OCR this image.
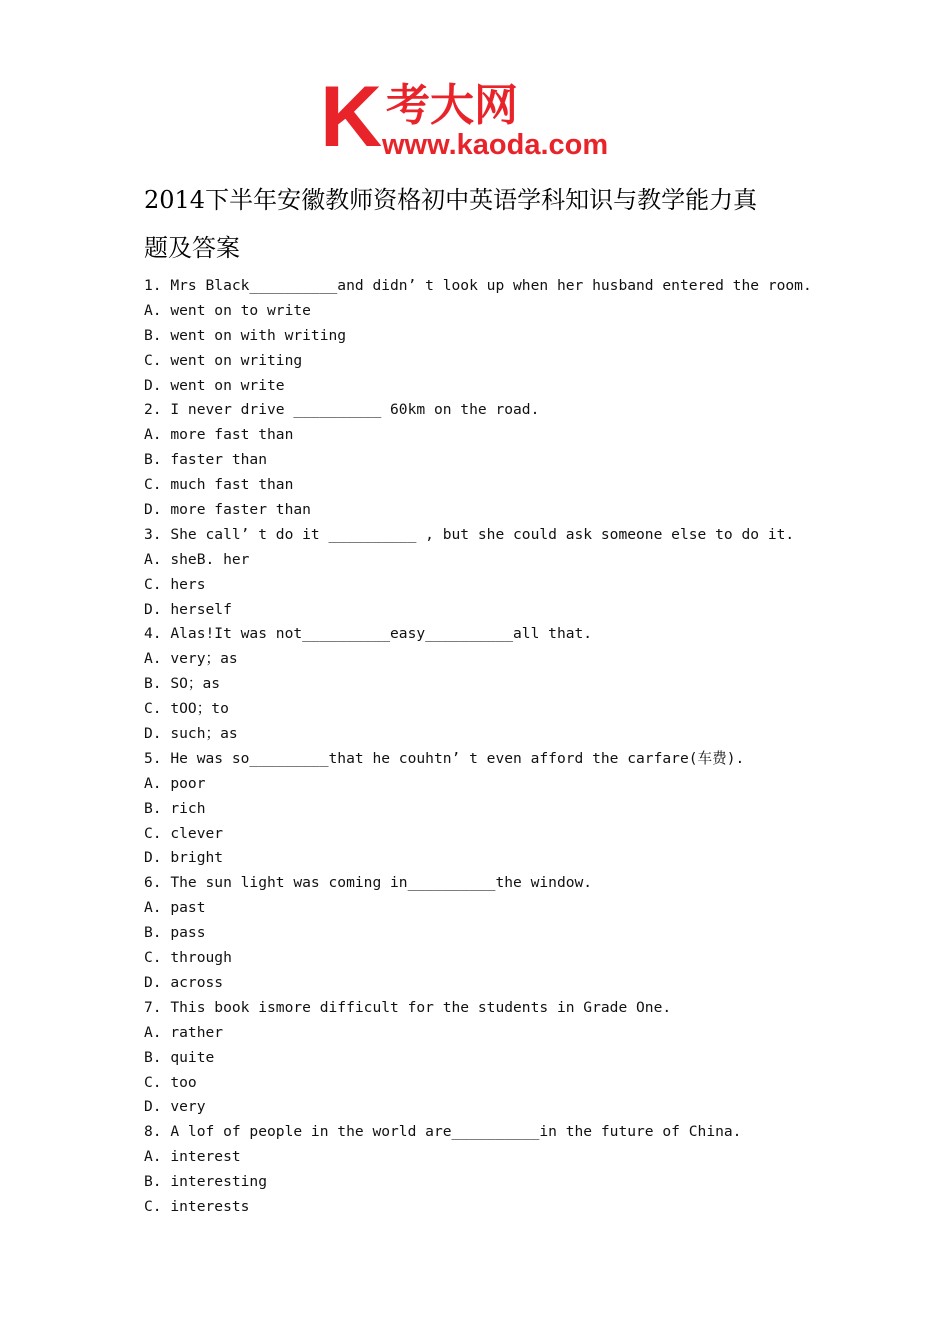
K 考大网
www.kaoda.com
2014下半年安徽教师资格初中英语学科知识与教学能力真
题及答案
1. Mrs Black__________and didn’ t look up when her husband entered the room.
A. went on to write
B. went on with writing
C. went on writing
D. went on write
2. I never drive __________ 60km on the road.
A. more fast than
B. faster than
C. much fast than
D. more faster than
3. She call’ t do it __________ , but she could ask someone else to do it.
A. sheB. her
C. hers
D. herself
4. Alas!It was not__________easy__________all that.
A. very；as
B. SO；as
C. tOO；to
D. such；as
5. He was so_________that he couhtn’ t even afford the carfare(车费).
A. poor
B. rich
C. clever
D. bright
6. The sun light was coming in__________the window.
A. past
B. pass
C. through
D. across
7. This book ismore difficult for the students in Grade One.
A. rather
B. quite
C. too
D. very
8. A lof of people in the world are__________in the future of China.
A. interest
B. interesting
C. interests
